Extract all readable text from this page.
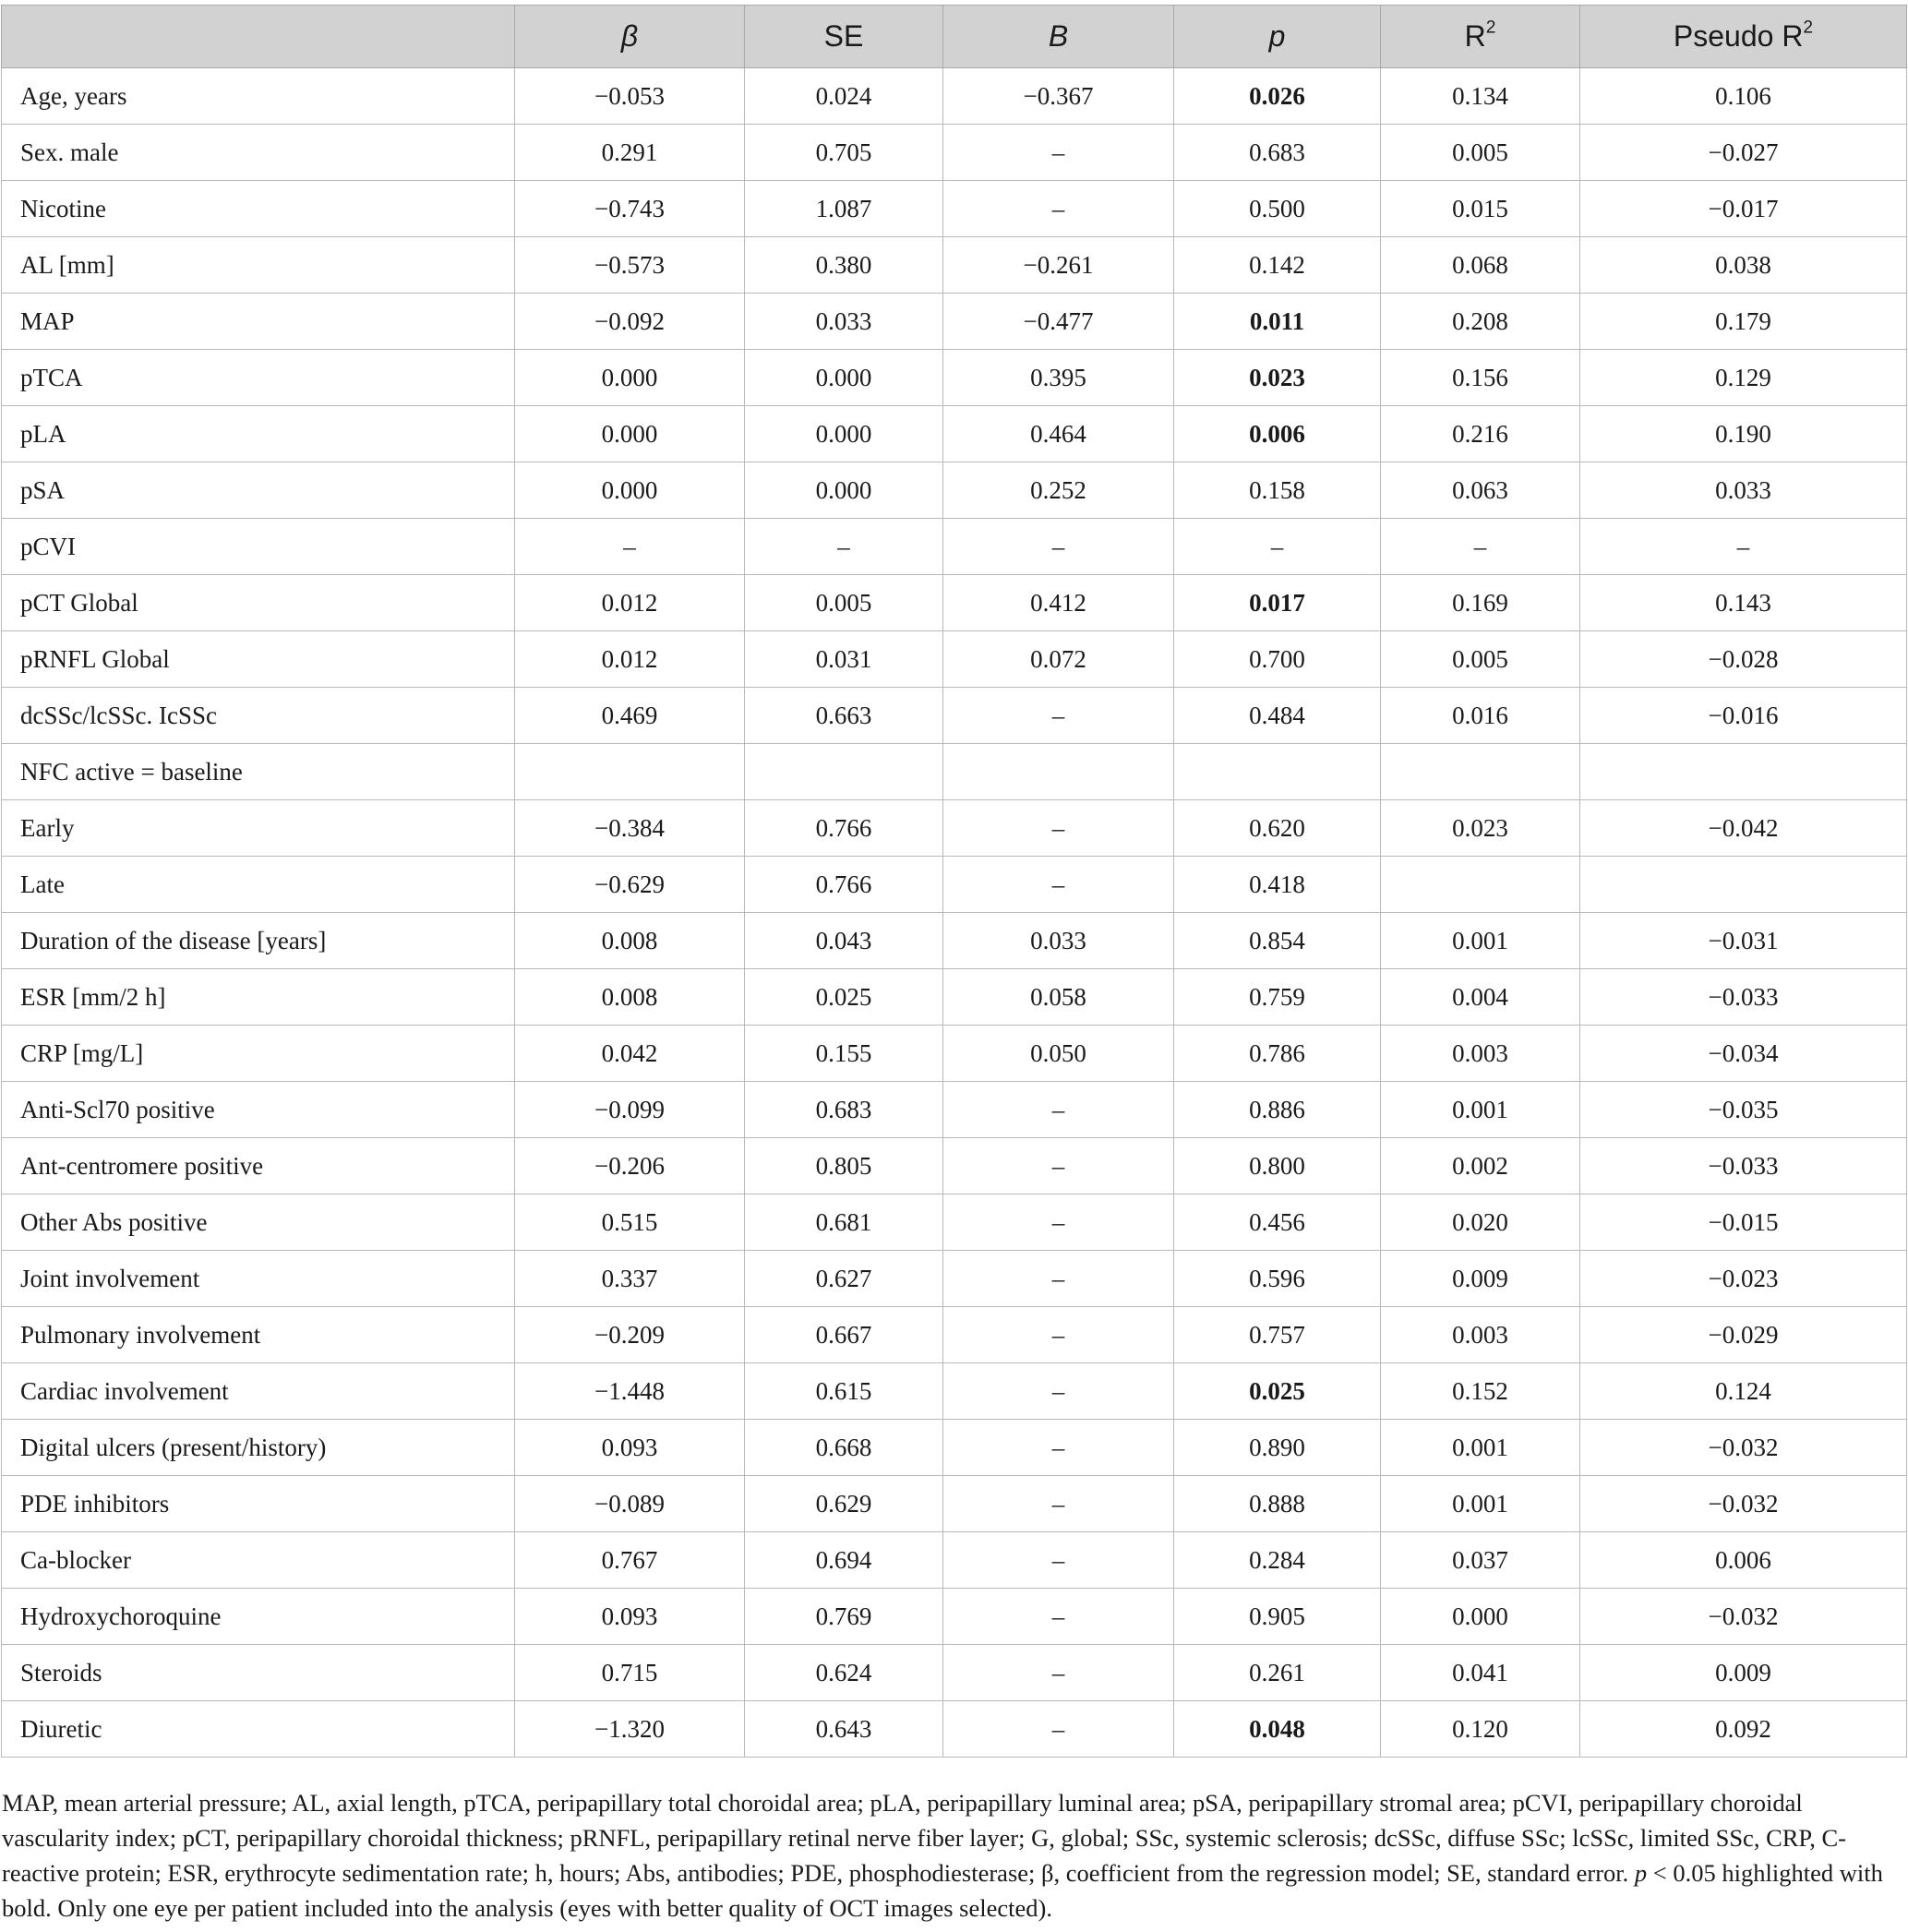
	β	SE	B	p	$R^2$	Pseudo $R^2$
Age, years	−0.053	0.024	−0.367	0.026	0.134	0.106
Sex. male	0.291	0.705	–	0.683	0.005	−0.027
Nicotine	−0.743	1.087	–	0.500	0.015	−0.017
AL [mm]	−0.573	0.380	−0.261	0.142	0.068	0.038
MAP	−0.092	0.033	−0.477	0.011	0.208	0.179
pTCA	0.000	0.000	0.395	0.023	0.156	0.129
pLA	0.000	0.000	0.464	0.006	0.216	0.190
pSA	0.000	0.000	0.252	0.158	0.063	0.033
pCVI	–	–	–	–	–	–
pCT Global	0.012	0.005	0.412	0.017	0.169	0.143
pRNFL Global	0.012	0.031	0.072	0.700	0.005	−0.028
dcSSc/lcSSc. IcSSc	0.469	0.663	–	0.484	0.016	−0.016
NFC active = baseline						
Early	−0.384	0.766	–	0.620	0.023	−0.042
Late	−0.629	0.766	–	0.418		
Duration of the disease [years]	0.008	0.043	0.033	0.854	0.001	−0.031
ESR [mm/2 h]	0.008	0.025	0.058	0.759	0.004	−0.033
CRP [mg/L]	0.042	0.155	0.050	0.786	0.003	−0.034
Anti-Scl70 positive	−0.099	0.683	–	0.886	0.001	−0.035
Ant-centromere positive	−0.206	0.805	–	0.800	0.002	−0.033
Other Abs positive	0.515	0.681	–	0.456	0.020	−0.015
Joint involvement	0.337	0.627	–	0.596	0.009	−0.023
Pulmonary involvement	−0.209	0.667	–	0.757	0.003	−0.029
Cardiac involvement	−1.448	0.615	–	0.025	0.152	0.124
Digital ulcers (present/history)	0.093	0.668	–	0.890	0.001	−0.032
PDE inhibitors	−0.089	0.629	–	0.888	0.001	−0.032
Ca-blocker	0.767	0.694	–	0.284	0.037	0.006
Hydroxychoroquine	0.093	0.769	–	0.905	0.000	−0.032
Steroids	0.715	0.624	–	0.261	0.041	0.009
Diuretic	−1.320	0.643	–	0.048	0.120	0.092

MAP, mean arterial pressure; AL, axial length, pTCA, peripapillary total choroidal area; pLA, peripapillary luminal area; pSA, peripapillary stromal area; pCVI, peripapillary choroidal vascularity index; pCT, peripapillary choroidal thickness; pRNFL, peripapillary retinal nerve fiber layer; G, global; SSc, systemic sclerosis; dcSSc, diffuse SSc; lcSSc, limited SSc, CRP, C-reactive protein; ESR, erythrocyte sedimentation rate; h, hours; Abs, antibodies; PDE, phosphodiesterase; β, coefficient from the regression model; SE, standard error. p < 0.05 highlighted with bold. Only one eye per patient included into the analysis (eyes with better quality of OCT images selected).
